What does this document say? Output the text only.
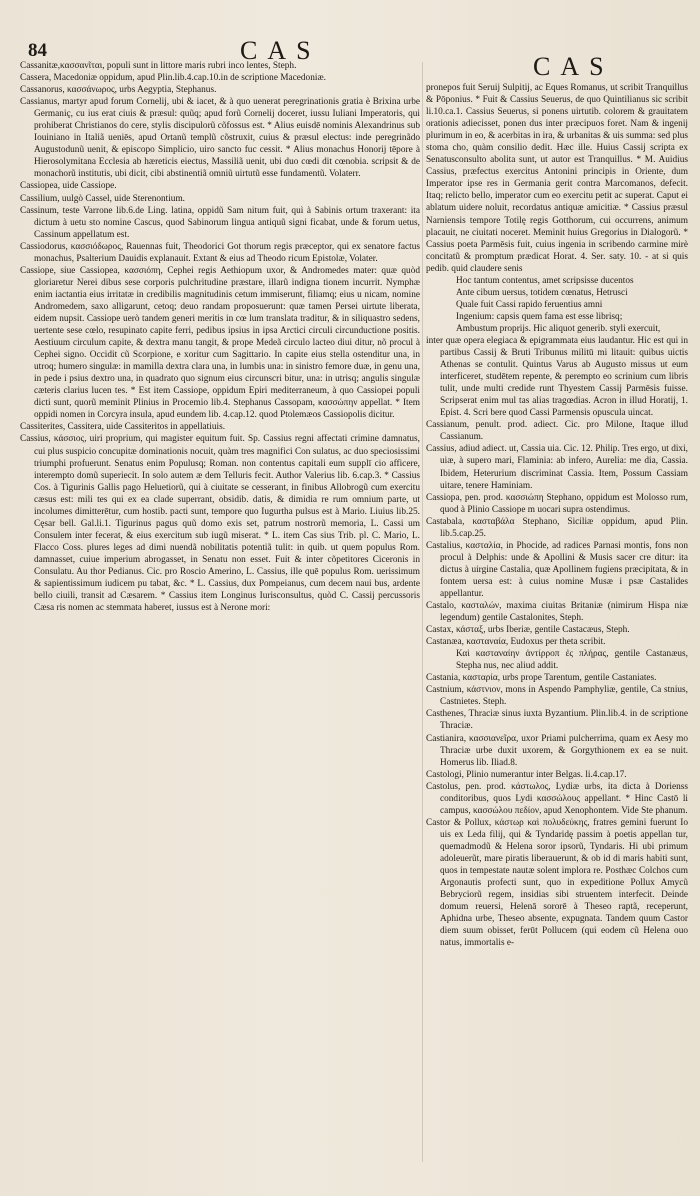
84	CAS
CAS

Cassanitæ,κασσανῖται, populi sunt in littore maris rubri inco lentes, Steph.

Cassera, Macedoniæ oppidum, apud Plin.lib.4.cap.10.in de scriptione Macedoniæ.

Cassanorus, κασσάνωρος, urbs Aegyptia, Stephanus.

Cassianus, martyr apud forum Cornelij, ubi & iacet, & à quo uenerat peregrinationis gratia è Brixina urbe Germaniç, cu ius erat ciuis & præsul: quũq; apud forũ Cornelij doceret, iussu Iuliani Imperatoris, qui prohiberat Christianos do cere, stylis discipulorũ cõfossus est. * Alius euisdē nominis Alexandrinus sub Iouiniano in Italiã ueniēs, apud Ortanũ templũ cõstruxit, cuius & præsul electus: inde peregrinãdo Augustodunũ uenit, & episcopo Simplicio, uiro sancto fuc cessit. * Alius monachus Honorij tēpore à Hierosolymitana Ecclesia ab hæreticis eiectus, Massiliã uenit, ubi duo cœdi dit cœnobia. scripsit & de monachorũ institutis, ubi dicit, cibi abstinentiã omniũ uirtutũ esse fundamentũ. Volaterr.

Cassiopea, uide Cassiope.

Cassilium, uulgò Cassel, uide Sterenontium.

Cassinum, teste Varrone lib.6.de Ling. latina, oppidũ Sam nitum fuit, quì à Sabinis ortum traxerant: ita dictum à uetu sto nomine Cascus, quod Sabinorum lingua antiquũ signi ficabat, unde & forum uetus, Cassinum appellatum est.

Cassiodorus, κασσιόδωρος, Rauennas fuit, Theodorici Got thorum regis præceptor, qui ex senatore factus monachus, Psalterium Dauidis explanauit. Extant & eius ad Theodo ricum Epistolæ, Volater.

Cassiope, siue Cassiopea, κασσιόπη, Cephei regis Aethiopum uxor, & Andromedes mater: quæ quòd gloriaretur Nerei dibus sese corporis pulchritudine præstare, illarũ indigna tionem incurrit. Nymphæ enim iactantia eius irritatæ in credibilis magnitudinis cetum immiserunt, filiamq; eius u nicam, nomine Andromedem, saxo alligarunt, cetoq; deuo randam proposuerunt: quæ tamen Persei uirtute liberata, eidem nupsit. Cassiope uerò tandem generi meritis in cœ lum translata traditur, & in siliquastro sedens, uertente sese cœlo, resupinato capite ferri, pedibus ipsius in ipsa Arctici circuli circunductione positis. Aestiuum circulum capite, & dextra manu tangit, & prope Medeã circulo lacteo diui ditur, nõ procul à Cephei signo. Occidit cũ Scorpione, e xoritur cum Sagittario. In capite eius stella ostenditur una, in utroq; humero singulæ: in mamilla dextra clara una, in lumbis una: in sinistro femore duæ, in genu una, in pede i psius dextro una, in quadrato quo signum eius circunscri bitur, una: in utrisq; angulis singulæ cæteris clarius lucen tes. * Est item Cassiope, oppidum Epiri mediterraneum, à quo Cassiopei populi dicti sunt, quorũ meminit Plinius in Procemio lib.4. Stephanus Cassopam, κασσώπην appellat. * Item oppidi nomen in Corcyra insula, apud eundem lib. 4.cap.12. quod Ptolemæos Cassiopolis dicitur.

Cassiterites, Cassitera, uide Cassiteritos in appellatiuis.

Cassius, κάσσιος, uiri proprium, qui magister equitum fuit. Sp. Cassius regni affectati crimine damnatus, cui plus suspicio concupitæ dominationis nocuit, quàm tres magnifici Con sulatus, ac duo speciosissimi triumphi profuerunt. Senatus enim Populusq; Roman. non contentus capitali eum supplī cio afficere, interempto domũ superiecit. In solo autem æ dem Telluris fecit. Author Valerius lib. 6.cap.3. * Cassius Cos. à Tigurinis Gallis pago Heluetiorũ, qui à ciuitate se cesserant, in finibus Allobrogũ cum exercitu cæsus est: mili tes qui ex ea clade superrant, obsidib. datis, & dimidia re rum omnium parte, ut incolumes dimitterētur, cum hostib. pacti sunt, tempore quo Iugurtha pulsus est à Mario. Liuius lib.25. Cęsar bell. Gal.li.1. Tigurinus pagus quũ domo exis set, patrum nostrorũ memoria, L. Cassi um Consulem inter fecerat, & eius exercitum sub iugũ miserat. * L. item Cas sius Trib. pl. C. Mario, L. Flacco Coss. plures leges ad dimi nuendã nobilitatis potentiã tulit: in quib. ut quem populus Rom. damnasset, cuiue imperium abrogasset, in Senatu non esset. Fuit & inter cõpetitores Ciceronis in Consulatu. Au thor Pedianus. Cic. pro Roscio Amerino, L. Cassius, ille quē populus Rom. uerissimum & sapientissimum iudicem pu tabat, &c. * L. Cassius, dux Pompeianus, cum decem naui bus, ardente bello ciuili, transit ad Cæsarem. * Cassius item Longinus Iurisconsultus, quòd C. Cassij percussoris Cæsa ris nomen ac stemmata haberet, iussus est à Nerone mori:

pronepos fuit Seruij Sulpitij, ac Eques Romanus, ut scribit Tranquillus & Pōponius. * Fuit & Cassius Seuerus, de quo Quintilianus sic scribit li.10.ca.1. Cassius Seuerus, si ponens uirtutib. colorem & grauitatem orationis adiecisset, ponen dus inter præcipuos foret. Nam & ingenij plurimum in eo, & acerbitas in ira, & urbanitas & uis summa: sed plus stoma cho, quàm consilio dedit. Hæc ille. Huius Cassij scripta ex Senatusconsulto abolita sunt, ut autor est Tranquillus. * M. Auidius Cassius, præfectus exercitus Antonini principis in Oriente, dum Imperator ipse res in Germania gerit contra Marcomanos, defecit. Itaq; relicto bello, imperator cum eo exercitu petit ac superat. Caput ei ablatum uidere noluit, recordatus antiquæ amicitiæ. * Cassius præsul Narniensis tempore Totilę regis Gotthorum, cui occurrens, animum placauit, ne ciuitati noceret. Meminit huius Gregorius in Dialogorũ. * Cassius poeta Parmēsis fuit, cuius ingenia in scribendo carmine mirè concitatũ & promptum prædicat Horat. 4. Ser. saty. 10. - at si quis pedib. quid claudere senis

Hoc tantum contentus, amet scripsisse ducentos

Ante cibum uersus, totidem cœnatus, Hetrusci

Quale fuit Cassi rapido feruentius amni

Ingenium: capsis quem fama est esse librisq;

Ambustum proprijs. Hic aliquot generib. styli exercuit,

inter quæ opera elegiaca & epigrammata eius laudantur. Hic est qui in partibus Cassij & Bruti Tribunus militū mi litauit: quibus uictis Athenas se contulit. Quintus Varus ab Augusto missus ut eum interficeret, studētem repente, & perempto eo scrinium cum libris tulit, unde multi credide runt Thyestem Cassij Parmēsis fuisse. Scripserat enim mul tas alias tragœdias. Acron in illud Horatij, 1. Epist. 4. Scri bere quod Cassi Parmensis opuscula uincat.

Cassianum, penult. prod. adiect. Cic. pro Milone, Itaque illud Cassianum.

Cassius, adiud adiect. ut, Cassia uia. Cic. 12. Philip. Tres ergo, ut dixi, uiæ, à supero mari, Flaminia: ab infero, Aurelia: me dia, Cassia. Ibidem, Heterurium discriminat Cassia. Item, Possum Cassiam uitare, tenere Haminiam.

Cassiopa, pen. prod. κασσιώπη Stephano, oppidum est Molosso rum, quod à Plinio Cassiope m uocari supra ostendimus.

Castabala, κασταβάλα Stephano, Siciliæ oppidum, apud Plin. lib.5.cap.25.

Castalius, κασταλία, in Phocide, ad radices Parnasi montis, fons non procul à Delphis: unde & Apollini & Musis sacer cre ditur: ita dictus à uirgine Castalia, quæ Apollinem fugiens præcipitata, & in fontem uersa est: à cuius nomine Musæ i psæ Castalides appellantur.

Castalo, κασταλών, maxima ciuitas Britaniæ (nimirum Hispa niæ legendum) gentile Castalonites, Steph.

Castax, κάσταξ, urbs Iberiæ, gentile Castacæus, Steph.

Castanæa, κασταναία, Eudoxus per theta scribit.

Καὶ κασταναίην ἀντίρροπ ἐς πλήρας, gentile Castanæus, Stepha nus, nec aliud addit.

Castania, κασταρία, urbs prope Tarentum, gentile Castaniates.

Castnium, κάστνιον, mons in Aspendo Pamphyliæ, gentile, Ca stnius, Castnietes. Steph.

Casthenes, Thraciæ sinus iuxta Byzantium. Plin.lib.4. in de scriptione Thraciæ.

Castianira, κασσιανεῖρα, uxor Priami pulcherrima, quam ex Aesy mo Thraciæ urbe duxit uxorem, & Gorgythionem ex ea se nuit. Homerus lib. Iliad.8.

Castologi, Plinio numerantur inter Belgas. li.4.cap.17.

Castolus, pen. prod. κάστωλος, Lydiæ urbs, ita dicta à Dorienss conditoribus, quos Lydi κασσώλους appellant. * Hinc Castō li campus, κασσώλου πεδίον, apud Xenophontem. Vide Ste phanum.

Castor & Pollux, κάστωρ καὶ πολυδεύκης, fratres gemini fuerunt Io uis ex Leda filij, qui & Tyndaridę passim à poetis appellan tur, quemadmodũ & Helena soror ipsorũ, Tyndaris. Hi ubi primum adoleuerũt, mare piratis liberauerunt, & ob id di maris habiti sunt, quos in tempestate nautæ solent implora re. Posthæc Colchos cum Argonautis profecti sunt, quo in expeditione Pollux Amycũ Bebryciorũ regem, insidias sibi struentem interfecit. Deinde domum reuersi, Helenā sororē à Theseo raptã, receperunt, Aphidna urbe, Theseo absente, expugnata. Tandem quum Castor diem suum obisset, ferūt Pollucem (qui eodem cũ Helena ouo natus, immortalis e-
